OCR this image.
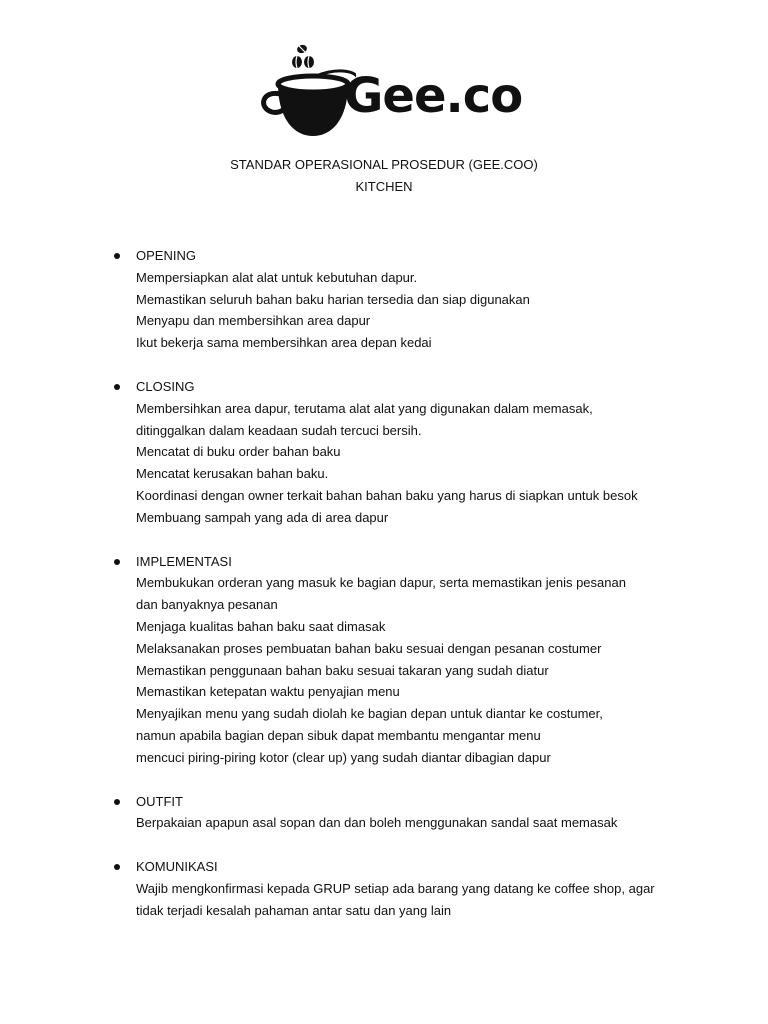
Gee.co
STANDAR OPERASIONAL PROSEDUR (GEE.COO)
KITCHEN
OPENING
Mempersiapkan alat alat untuk kebutuhan dapur.
Memastikan seluruh bahan baku harian tersedia dan siap digunakan
Menyapu dan membersihkan area dapur
Ikut bekerja sama membersihkan area depan kedai
CLOSING
Membersihkan area dapur, terutama alat alat yang digunakan dalam memasak,
ditinggalkan dalam keadaan sudah tercuci bersih.
Mencatat di buku order bahan baku
Mencatat kerusakan bahan baku.
Koordinasi dengan owner terkait bahan bahan baku yang harus di siapkan untuk besok
Membuang sampah yang ada di area dapur
IMPLEMENTASI
Membukukan orderan yang masuk ke bagian dapur, serta memastikan jenis pesanan
dan banyaknya pesanan
Menjaga kualitas bahan baku saat dimasak
Melaksanakan proses pembuatan bahan baku sesuai dengan pesanan costumer
Memastikan penggunaan bahan baku sesuai takaran yang sudah diatur
Memastikan ketepatan waktu penyajian menu
Menyajikan menu yang sudah diolah ke bagian depan untuk diantar ke costumer,
namun apabila bagian depan sibuk dapat membantu mengantar menu
mencuci piring-piring kotor (clear up) yang sudah diantar dibagian dapur
OUTFIT
Berpakaian apapun asal sopan dan dan boleh menggunakan sandal saat memasak
KOMUNIKASI
Wajib mengkonfirmasi kepada GRUP setiap ada barang yang datang ke coffee shop, agar
tidak terjadi kesalah pahaman antar satu dan yang lain
